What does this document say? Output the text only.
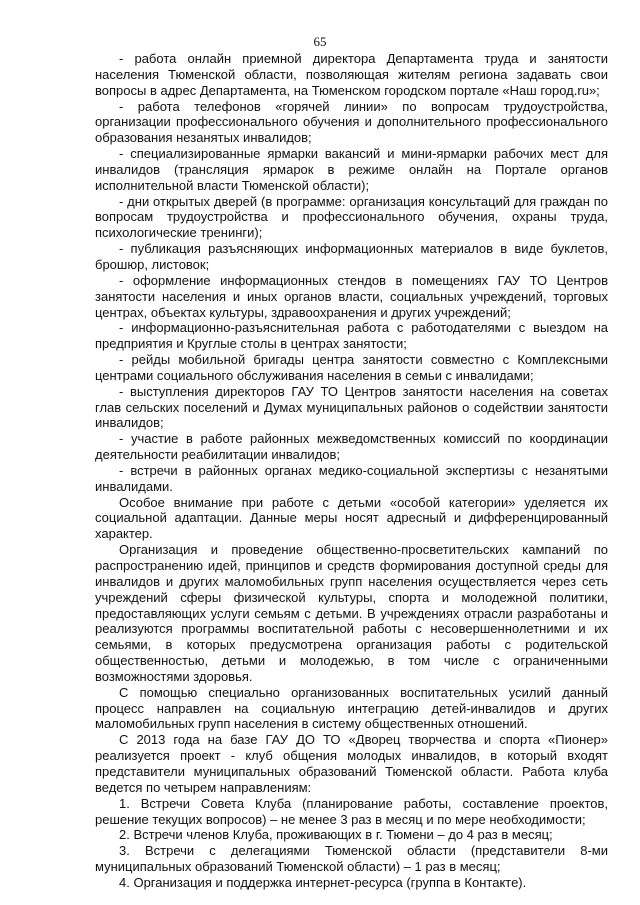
65

- работа онлайн приемной директора Департамента труда и занятости населения Тюменской области, позволяющая жителям региона задавать свои вопросы в адрес Департамента, на Тюменском городском портале «Наш город.ru»;

- работа телефонов «горячей линии» по вопросам трудоустройства, организации профессионального обучения и дополнительного профессионального образования незанятых инвалидов;

- специализированные ярмарки вакансий и мини-ярмарки рабочих мест для инвалидов (трансляция ярмарок в режиме онлайн на Портале органов исполнительной власти Тюменской области);

- дни открытых дверей (в программе: организация консультаций для граждан по вопросам трудоустройства и профессионального обучения, охраны труда, психологические тренинги);

- публикация разъясняющих информационных материалов в виде буклетов, брошюр, листовок;

- оформление информационных стендов в помещениях ГАУ ТО Центров занятости населения и иных органов власти, социальных учреждений, торговых центрах, объектах культуры, здравоохранения и других учреждений;

- информационно-разъяснительная работа с работодателями с выездом на предприятия и Круглые столы в центрах занятости;

- рейды мобильной бригады центра занятости совместно с Комплексными центрами социального обслуживания населения в семьи с инвалидами;

- выступления директоров ГАУ ТО Центров занятости населения на советах глав сельских поселений и Думах муниципальных районов о содействии занятости инвалидов;

- участие в работе районных межведомственных комиссий по координации деятельности реабилитации инвалидов;

- встречи в районных органах медико-социальной экспертизы с незанятыми инвалидами.

Особое внимание при работе с детьми «особой категории» уделяется их социальной адаптации. Данные меры носят адресный и дифференцированный характер.

Организация и проведение общественно-просветительских кампаний по распространению идей, принципов и средств формирования доступной среды для инвалидов и других маломобильных групп населения осуществляется через сеть учреждений сферы физической культуры, спорта и молодежной политики, предоставляющих услуги семьям с детьми. В учреждениях отрасли разработаны и реализуются программы воспитательной работы с несовершеннолетними и их семьями, в которых предусмотрена организация работы с родительской общественностью, детьми и молодежью, в том числе с ограниченными возможностями здоровья.

С помощью специально организованных воспитательных усилий данный процесс направлен на социальную интеграцию детей-инвалидов и других маломобильных групп населения в систему общественных отношений.

С 2013 года на базе ГАУ ДО ТО «Дворец творчества и спорта «Пионер» реализуется проект - клуб общения молодых инвалидов, в который входят представители муниципальных образований Тюменской области. Работа клуба ведется по четырем направлениям:

1. Встречи Совета Клуба (планирование работы, составление проектов, решение текущих вопросов) – не менее 3 раз в месяц и по мере необходимости;

2. Встречи членов Клуба, проживающих в г. Тюмени – до 4 раз в месяц;

3. Встречи с делегациями Тюменской области (представители 8-ми муниципальных образований Тюменской области) – 1 раз в месяц;

4. Организация и поддержка интернет-ресурса (группа в Контакте).
